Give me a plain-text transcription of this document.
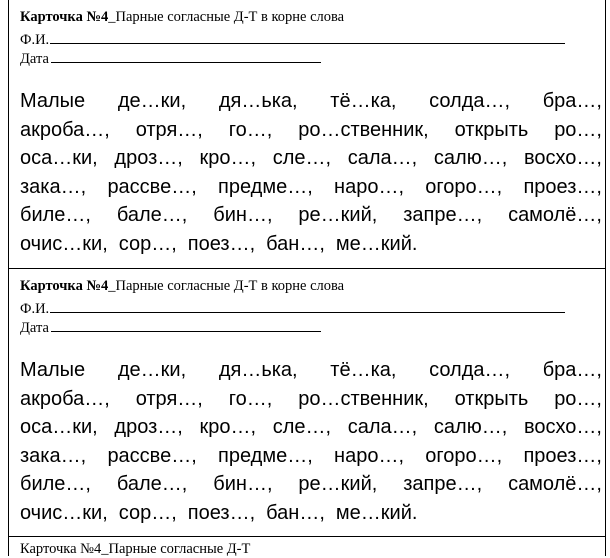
Карточка №4_Парные согласные Д-Т в корне слова
Ф.И.
Дата
Малые де…ки, дя…ька, тё…ка, солда…, бра…,
акроба…, отря…, го…, ро…ственник, открыть ро…,
оса…ки, дроз…, кро…, сле…, сала…, салю…, восхо…,
зака…, рассве…, предме…, наро…, огоро…, проез…,
биле…, бале…, бин…, ре…кий, запре…, самолё…,
очис…ки, сор…, поез…, бан…, ме…кий.
Карточка №4_Парные согласные Д-Т в корне слова
Ф.И.
Дата
Малые де…ки, дя…ька, тё…ка, солда…, бра…,
акроба…, отря…, го…, ро…ственник, открыть ро…,
оса…ки, дроз…, кро…, сле…, сала…, салю…, восхо…,
зака…, рассве…, предме…, наро…, огоро…, проез…,
биле…, бале…, бин…, ре…кий, запре…, самолё…,
очис…ки, сор…, поез…, бан…, ме…кий.
Карточка №4_Парные согласные Д-Т
